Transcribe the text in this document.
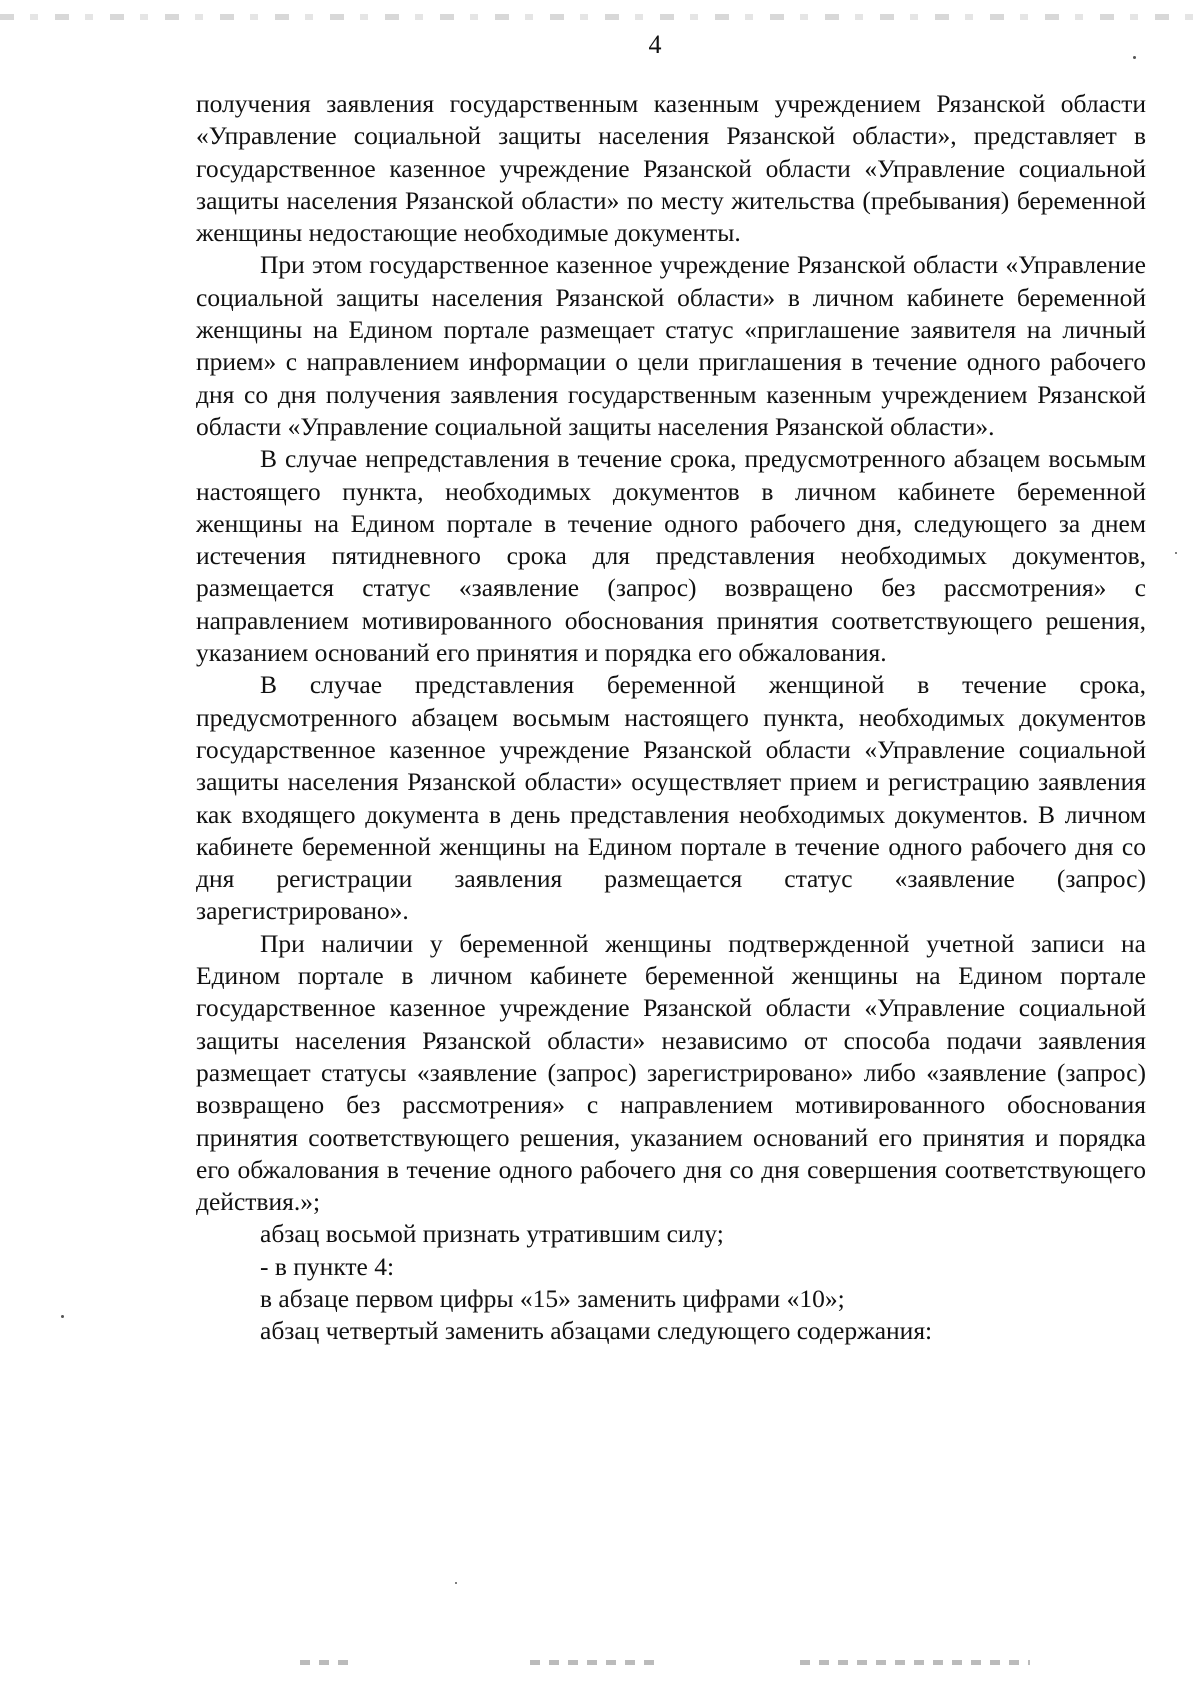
4

получения заявления государственным казенным учреждением Рязанской области «Управление социальной защиты населения Рязанской области», представляет в государственное казенное учреждение Рязанской области «Управление социальной защиты населения Рязанской области» по месту жительства (пребывания) беременной женщины недостающие необходимые документы.

При этом государственное казенное учреждение Рязанской области «Управление социальной защиты населения Рязанской области» в личном кабинете беременной женщины на Едином портале размещает статус «приглашение заявителя на личный прием» с направлением информации о цели приглашения в течение одного рабочего дня со дня получения заявления государственным казенным учреждением Рязанской области «Управление социальной защиты населения Рязанской области».

В случае непредставления в течение срока, предусмотренного абзацем восьмым настоящего пункта, необходимых документов в личном кабинете беременной женщины на Едином портале в течение одного рабочего дня, следующего за днем истечения пятидневного срока для представления необходимых документов, размещается статус «заявление (запрос) возвращено без рассмотрения» с направлением мотивированного обоснования принятия соответствующего решения, указанием оснований его принятия и порядка его обжалования.

В случае представления беременной женщиной в течение срока, предусмотренного абзацем восьмым настоящего пункта, необходимых документов государственное казенное учреждение Рязанской области «Управление социальной защиты населения Рязанской области» осуществляет прием и регистрацию заявления как входящего документа в день представления необходимых документов. В личном кабинете беременной женщины на Едином портале в течение одного рабочего дня со дня регистрации заявления размещается статус «заявление (запрос) зарегистрировано».

При наличии у беременной женщины подтвержденной учетной записи на Едином портале в личном кабинете беременной женщины на Едином портале государственное казенное учреждение Рязанской области «Управление социальной защиты населения Рязанской области» независимо от способа подачи заявления размещает статусы «заявление (запрос) зарегистрировано» либо «заявление (запрос) возвращено без рассмотрения» с направлением мотивированного обоснования принятия соответствующего решения, указанием оснований его принятия и порядка его обжалования в течение одного рабочего дня со дня совершения соответствующего действия.»;

абзац восьмой признать утратившим силу;

- в пункте 4:

в абзаце первом цифры «15» заменить цифрами «10»;

абзац четвертый заменить абзацами следующего содержания:
